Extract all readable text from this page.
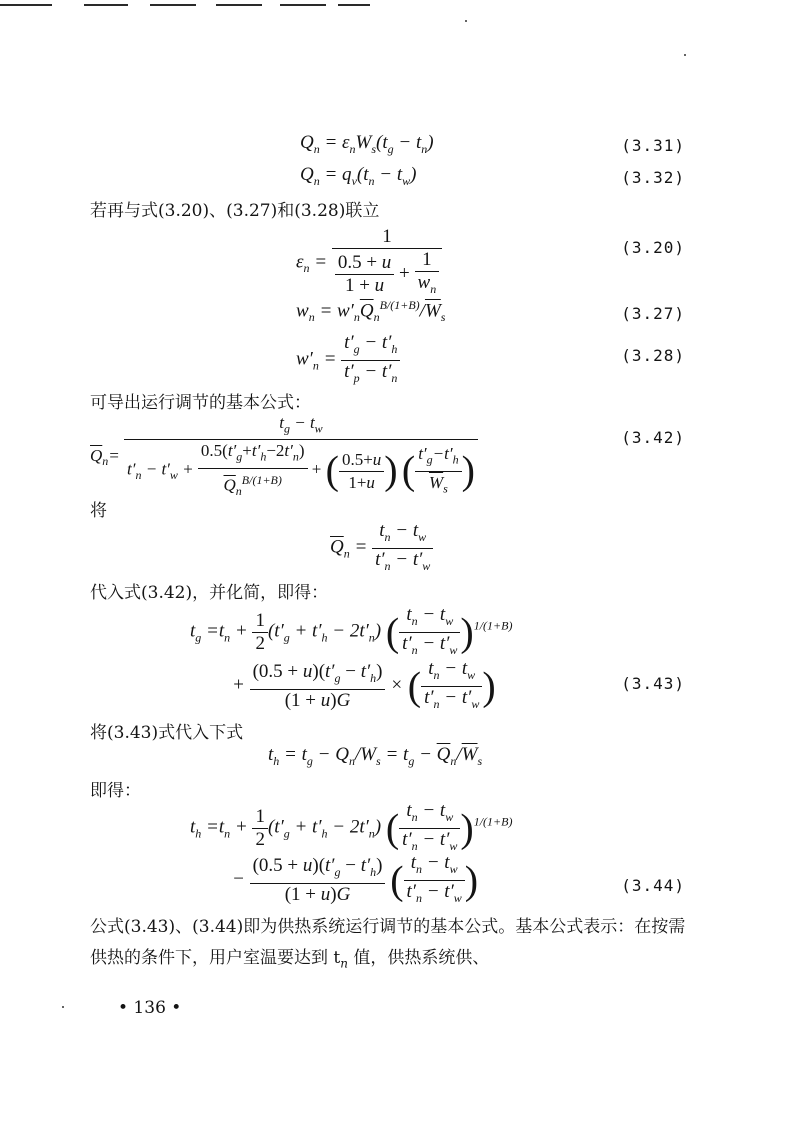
$Q_n = \varepsilon_nW_s(t_g - t_n)$	(3.31)
$Q_n = q_v(t_n - t_w)$	(3.32)
若再与式(3.20)、(3.27)和(3.28)联立
$\varepsilon_n = \frac{1}{\frac{0.5 + u}{1 + u} + \frac{1}{w_n}}$	(3.20)
$w_n = w'_n\overline{Q}_n^{B/(1+B)}/\overline{W}_s$	(3.27)
$w'_n = \frac{t'_g - t'_h}{t'_p - t'_n}$	(3.28)
可导出运行调节的基本公式：
$\overline{Q}_n=$
$t_g - t_w$
$t'_n - t'_w + \frac{0.5(t'_g+t'_h-2t'_n)}{\overline{Q}_n^{B/(1+B)}}$ + ( $\frac{0.5+u}{1+u}$ ) ( $\frac{t'_g-t'_h}{\overline{W}_s}$ )
(3.42)
将
$\overline{Q}_n = \frac{t_n - t_w}{t'_n - t'_w}$
代入式(3.42)，并化简，即得：
$t_g =t_n + \frac{1}{2} (t'_g + t'_h - 2t'_n)$ ( $\frac{t_n - t_w}{t'_n - t'_w} )^{1/(1+B)}$
+ $\frac{(0.5 + u)(t'_g - t'_h)}{(1 + u)G}$ × ( $\frac{t_n - t_w}{t'_n - t'_w}$ )	(3.43)
将(3.43)式代入下式
$t_h = t_g - Q_n/W_s = t_g - \overline{Q}_n/\overline{W}_s$
即得：
$t_h =t_n + \frac{1}{2} (t'_g + t'_h - 2t'_n)$ ( $\frac{t_n - t_w}{t'_n - t'_w} )^{1/(1+B)}$
− $\frac{(0.5 + u)(t'_g - t'_h)}{(1 + u)G}$ ( $\frac{t_n - t_w}{t'_n - t'_w}$ )	(3.44)
公式(3.43)、(3.44)即为供热系统运行调节的基本公式。基本公式表示：在按需供热的条件下，用户室温要达到 $t_n$ 值，供热系统供、
• 136 •
